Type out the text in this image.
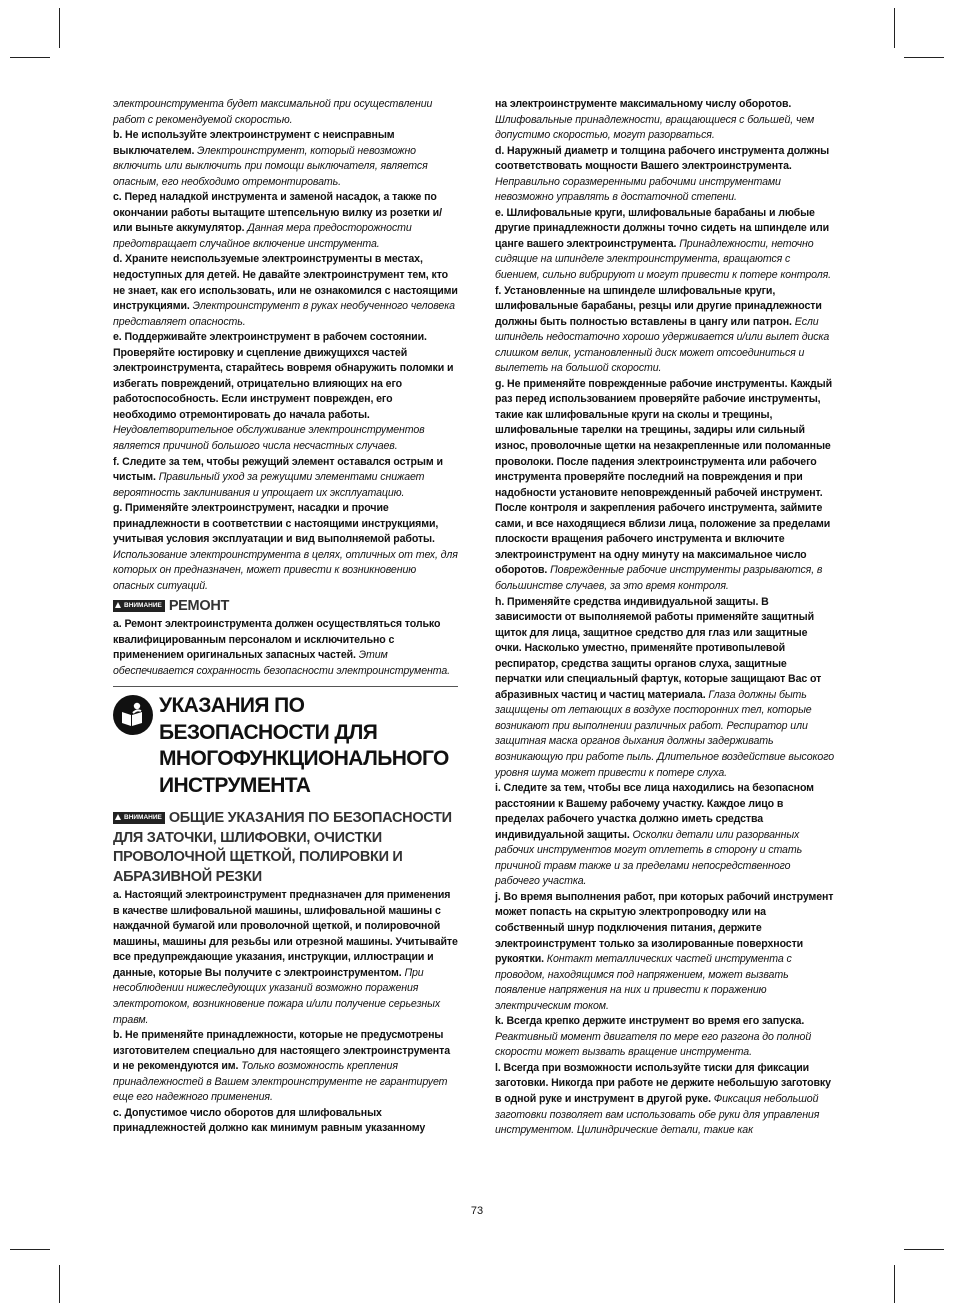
электроинструмента будет максимальной при осуществлении работ с рекомендуемой скоростью.

b. Не используйте электроинструмент с неисправным выключателем. Электроинструмент, который невозможно включить или выключить при помощи выключателя, является опасным, его необходимо отремонтировать.

c. Перед наладкой инструмента и заменой насадок, а также по окончании работы вытащите штепсельную вилку из розетки и/или выньте аккумулятор. Данная мера предосторожности предотвращает случайное включение инструмента.

d. Храните неиспользуемые электроинструменты в местах, недоступных для детей. Не давайте электроинструмент тем, кто не знает, как его использовать, или не ознакомился с настоящими инструкциями. Электроинструмент в руках необученного человека представляет опасность.

e. Поддерживайте электроинструмент в рабочем состоянии. Проверяйте юстировку и сцепление движущихся частей электроинструмента, старайтесь вовремя обнаружить поломки и избегать повреждений, отрицательно влияющих на его работоспособность. Если инструмент поврежден, его необходимо отремонтировать до начала работы. Неудовлетворительное обслуживание электроинструментов является причиной большого числа несчастных случаев.

f. Следите за тем, чтобы режущий элемент оставался острым и чистым. Правильный уход за режущими элементами снижает вероятность заклинивания и упрощает их эксплуатацию.

g. Применяйте электроинструмент, насадки и прочие принадлежности в соответствии с настоящими инструкциями, учитывая условия эксплуатации и вид выполняемой работы. Использование электроинструмента в целях, отличных от тех, для которых он предназначен, может привести к возникновению опасных ситуаций.

ВНИМАНИЕ РЕМОНТ

a. Ремонт электроинструмента должен осуществляться только квалифицированным персоналом и исключительно с применением оригинальных запасных частей. Этим обеспечивается сохранность безопасности электроинструмента.

УКАЗАНИЯ ПО
БЕЗОПАСНОСТИ ДЛЯ
МНОГОФУНКЦИОНАЛЬНОГО
ИНСТРУМЕНТА
ВНИМАНИЕ ОБЩИЕ УКАЗАНИЯ ПО БЕЗОПАСНОСТИ ДЛЯ ЗАТОЧКИ, ШЛИФОВКИ, ОЧИСТКИ ПРОВОЛОЧНОЙ ЩЕТКОЙ, ПОЛИРОВКИ И АБРАЗИВНОЙ РЕЗКИ

a. Настоящий электроинструмент предназначен для применения в качестве шлифовальной машины, шлифовальной машины с наждачной бумагой или проволочной щеткой, и полировочной машины, машины для резьбы или отрезной машины. Учитывайте все предупреждающие указания, инструкции, иллюстрации и данные, которые Вы получите с электроинструментом. При несоблюдении нижеследующих указаний возможно поражения электротоком, возникновение пожара и/или получение серьезных травм.

b. Не применяйте принадлежности, которые не предусмотрены изготовителем специально для настоящего электроинструмента и не рекомендуются им. Только возможность крепления принадлежностей в Вашем электроинструменте не гарантирует еще его надежного применения.

c. Допустимое число оборотов для шлифовальных принадлежностей должно как минимум равным указанному

на электроинструменте максимальному числу оборотов. Шлифовальные принадлежности, вращающиеся с большей, чем допустимо скоростью, могут разорваться.

d. Наружный диаметр и толщина рабочего инструмента должны соответствовать мощности Вашего электроинструмента. Неправильно соразмеренными рабочими инструментами невозможно управлять в достаточной степени.

e. Шлифовальные круги, шлифовальные барабаны и любые другие принадлежности должны точно сидеть на шпинделе или цанге вашего электроинструмента. Принадлежности, неточно сидящие на шпинделе электроинструмента, вращаются с биением, сильно вибрируют и могут привести к потере контроля.

f. Установленные на шпинделе шлифовальные круги, шлифовальные барабаны, резцы или другие принадлежности должны быть полностью вставлены в цангу или патрон. Если шпиндель недостаточно хорошо удерживается и/или вылет диска слишком велик, установленный диск может отсоединиться и вылететь на большой скорости.

g. Не применяйте поврежденные рабочие инструменты. Каждый раз перед использованием проверяйте рабочие инструменты, такие как шлифовальные круги на сколы и трещины, шлифовальные тарелки на трещины, задиры или сильный износ, проволочные щетки на незакрепленные или поломанные проволоки. После падения электроинструмента или рабочего инструмента проверяйте последний на повреждения и при надобности установите неповрежденный рабочей инструмент. После контроля и закрепления рабочего инструмента, займите сами, и все находящиеся вблизи лица, положение за пределами плоскости вращения рабочего инструмента и включите электроинструмент на одну минуту на максимальное число оборотов. Поврежденные рабочие инструменты разрываются, в большинстве случаев, за это время контроля.

h. Применяйте средства индивидуальной защиты. В зависимости от выполняемой работы применяйте защитный щиток для лица, защитное средство для глаз или защитные очки. Насколько уместно, применяйте противопылевой респиратор, средства защиты органов слуха, защитные перчатки или специальный фартук, которые защищают Вас от абразивных частиц и частиц материала. Глаза должны быть защищены от летающих в воздухе посторонних тел, которые возникают при выполнении различных работ. Респиратор или защитная маска органов дыхания должны задерживать возникающую при работе пыль. Длительное воздействие высокого уровня шума может привести к потере слуха.

i. Следите за тем, чтобы все лица находились на безопасном расстоянии к Вашему рабочему участку. Каждое лицо в пределах рабочего участка должно иметь средства индивидуальной защиты. Осколки детали или разорванных рабочих инструментов могут отлететь в сторону и стать причиной травм также и за пределами непосредственного рабочего участка.

j. Во время выполнения работ, при которых рабочий инструмент может попасть на скрытую электропроводку или на собственный шнур подключения питания, держите электроинструмент только за изолированные поверхности рукоятки. Контакт металлических частей инструмента с проводом, находящимся под напряжением, может вызвать появление напряжения на них и привести к поражению электрическим током.

k. Всегда крепко держите инструмент во время его запуска. Реактивный момент двигателя по мере его разгона до полной скорости может вызвать вращение инструмента.

l. Всегда при возможности используйте тиски для фиксации заготовки. Никогда при работе не держите небольшую заготовку в одной руке и инструмент в другой руке. Фиксация небольшой заготовки позволяет вам использовать обе руки для управления инструментом. Цилиндрические детали, такие как

73
